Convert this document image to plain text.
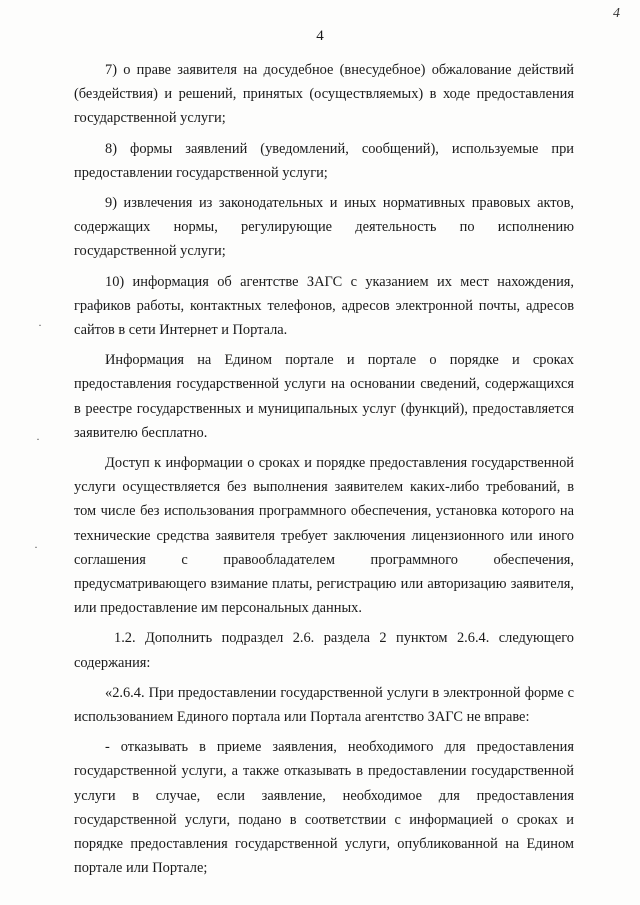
4
4
·
·
·

7) о праве заявителя на досудебное (внесудебное) обжалование действий (бездействия) и решений, принятых (осуществляемых) в ходе предоставления государственной услуги;

8) формы заявлений (уведомлений, сообщений), используемые при предоставлении государственной услуги;

9) извлечения из законодательных и иных нормативных правовых актов, содержащих нормы, регулирующие деятельность по исполнению государственной услуги;

10) информация об агентстве ЗАГС с указанием их мест нахождения, графиков работы, контактных телефонов, адресов электронной почты, адресов сайтов в сети Интернет и Портала.

Информация на Едином портале и портале о порядке и сроках предоставления государственной услуги на основании сведений, содержащихся в реестре государственных и муниципальных услуг (функций), предоставляется заявителю бесплатно.

Доступ к информации о сроках и порядке предоставления государственной услуги осуществляется без выполнения заявителем каких-либо требований, в том числе без использования программного обеспечения, установка которого на технические средства заявителя требует заключения лицензионного или иного соглашения с правообладателем программного обеспечения, предусматривающего взимание платы, регистрацию или авторизацию заявителя, или предоставление им персональных данных.

1.2. Дополнить подраздел 2.6. раздела 2 пунктом 2.6.4. следующего содержания:

«2.6.4. При предоставлении государственной услуги в электронной форме с использованием Единого портала или Портала агентство ЗАГС не вправе:

- отказывать в приеме заявления, необходимого для предоставления государственной услуги, а также отказывать в предоставлении государственной услуги в случае, если заявление, необходимое для предоставления государственной услуги, подано в соответствии с информацией о сроках и порядке предоставления государственной услуги, опубликованной на Едином портале или Портале;
